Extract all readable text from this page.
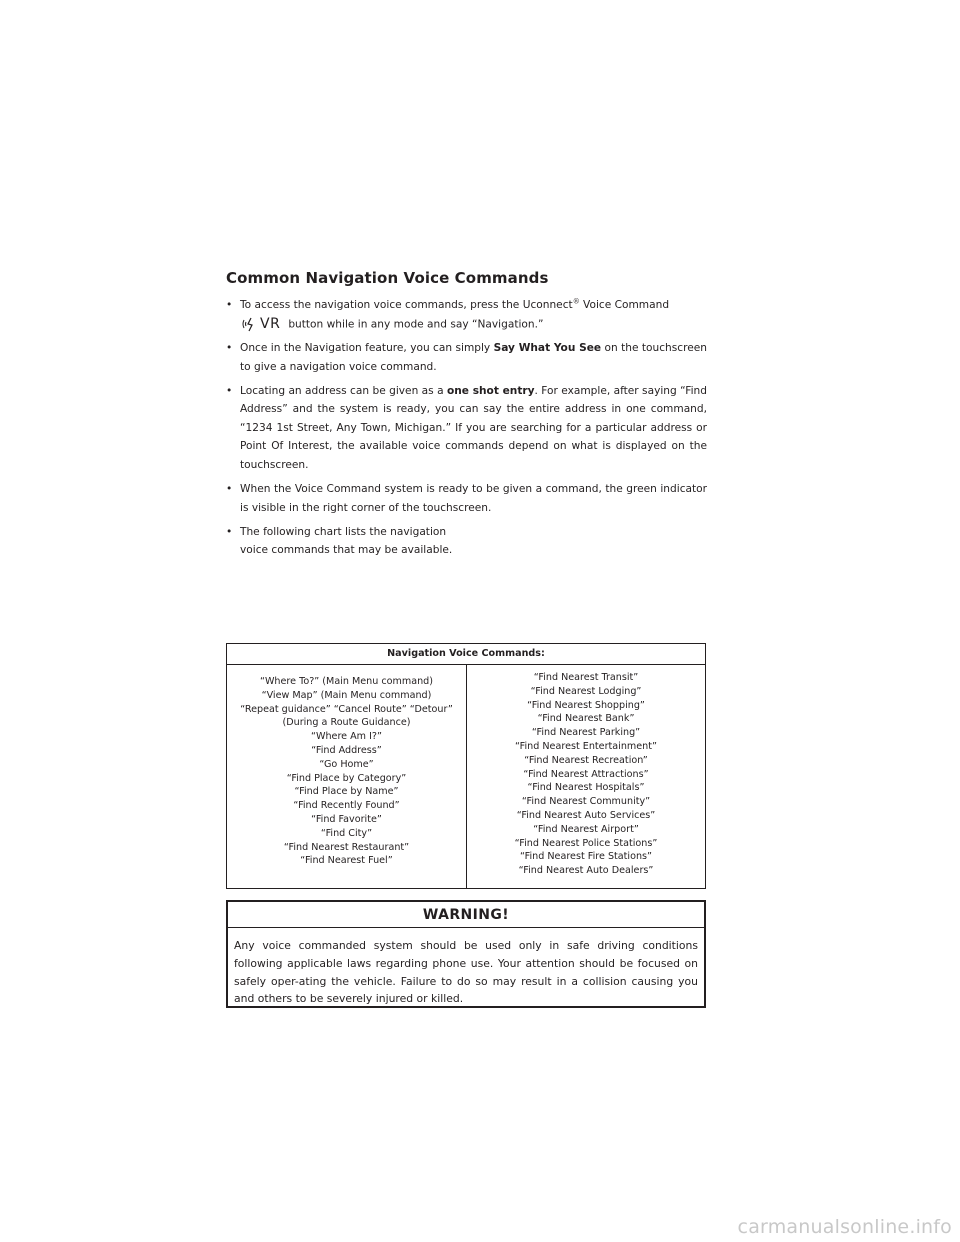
Common Navigation Voice Commands
• To access the navigation voice commands, press the Uconnect® Voice Command

VR button while in any mode and say “Navigation.”
• Once in the Navigation feature, you can simply Say What You See on the touchscreen to give a navigation voice command.
• Locating an address can be given as a one shot entry. For example, after saying “Find Address” and the system is ready, you can say the entire address in one command, “1234 1st Street, Any Town, Michigan.” If you are searching for a particular address or Point Of Interest, the available voice commands depend on what is displayed on the touchscreen.
• When the Voice Command system is ready to be given a command, the green indicator is visible in the right corner of the touchscreen.
• The following chart lists the navigation voice commands that may be available.
Navigation Voice Commands:
“Where To?” (Main Menu command)
“View Map” (Main Menu command)
“Repeat guidance” “Cancel Route” “Detour”
(During a Route Guidance)
“Where Am I?”
“Find Address”
“Go Home”
“Find Place by Category”
“Find Place by Name”
“Find Recently Found”
“Find Favorite”
“Find City”
“Find Nearest Restaurant”
“Find Nearest Fuel”
“Find Nearest Transit”
“Find Nearest Lodging”
“Find Nearest Shopping”
“Find Nearest Bank”
“Find Nearest Parking”
“Find Nearest Entertainment”
“Find Nearest Recreation”
“Find Nearest Attractions”
“Find Nearest Hospitals”
“Find Nearest Community”
“Find Nearest Auto Services”
“Find Nearest Airport”
“Find Nearest Police Stations”
“Find Nearest Fire Stations”
“Find Nearest Auto Dealers”
WARNING!
Any voice commanded system should be used only in safe driving conditions following applicable laws regarding phone use. Your attention should be focused on safely oper-ating the vehicle. Failure to do so may result in a collision causing you and others to be severely injured or killed.
carmanualsonline.info
